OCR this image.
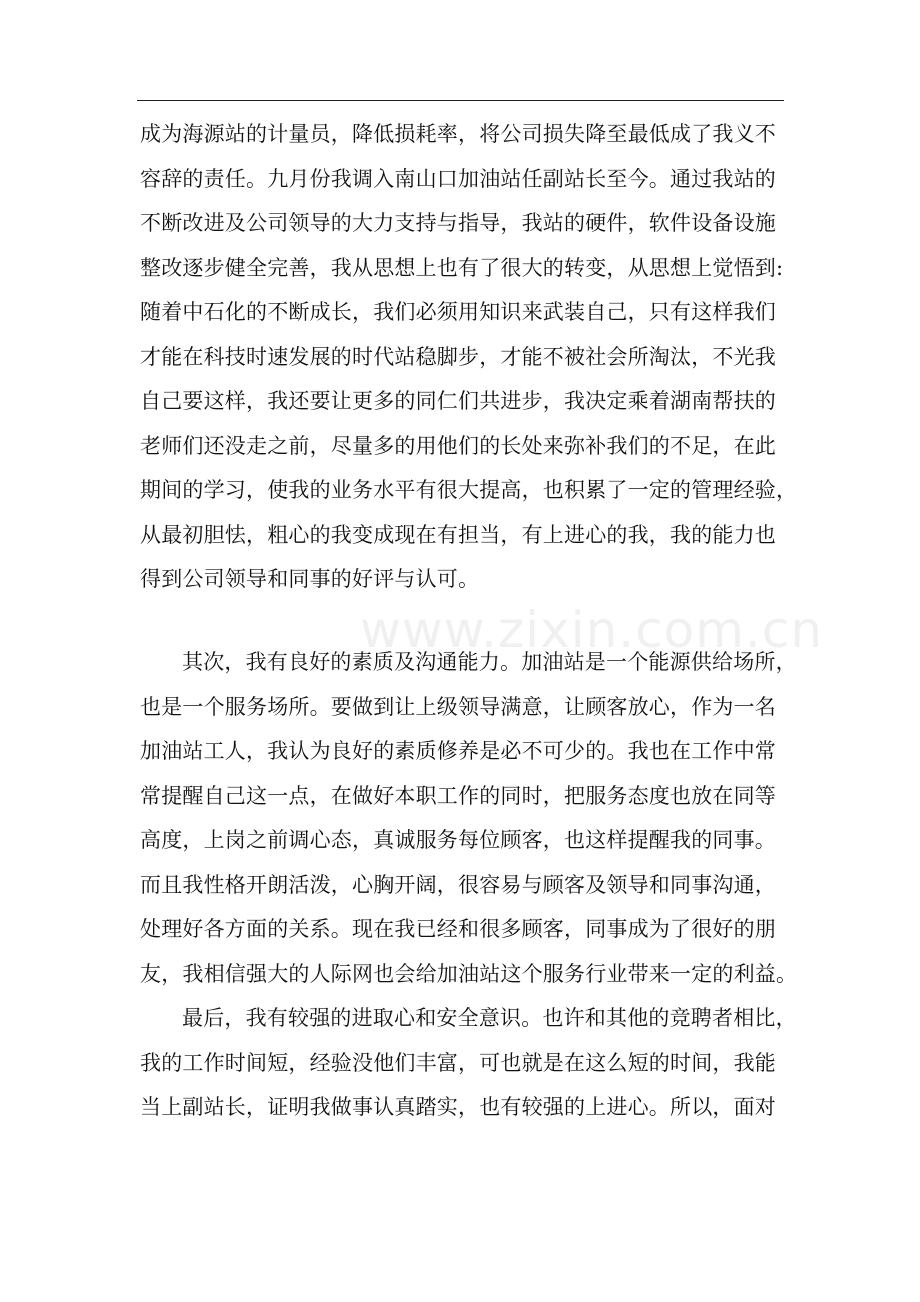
www.zixin.com.cn
成为海源站的计量员，降低损耗率，将公司损失降至最低成了我义不
容辞的责任。九月份我调入南山口加油站任副站长至今。通过我站的
不断改进及公司领导的大力支持与指导，我站的硬件，软件设备设施
整改逐步健全完善，我从思想上也有了很大的转变，从思想上觉悟到:
随着中石化的不断成长，我们必须用知识来武装自己，只有这样我们
才能在科技时速发展的时代站稳脚步，才能不被社会所淘汰，不光我
自己要这样，我还要让更多的同仁们共进步，我决定乘着湖南帮扶的
老师们还没走之前，尽量多的用他们的长处来弥补我们的不足，在此
期间的学习，使我的业务水平有很大提高，也积累了一定的管理经验，
从最初胆怯，粗心的我变成现在有担当，有上进心的我，我的能力也
得到公司领导和同事的好评与认可。
其次，我有良好的素质及沟通能力。加油站是一个能源供给场所，
也是一个服务场所。要做到让上级领导满意，让顾客放心，作为一名
加油站工人，我认为良好的素质修养是必不可少的。我也在工作中常
常提醒自己这一点，在做好本职工作的同时，把服务态度也放在同等
高度，上岗之前调心态，真诚服务每位顾客，也这样提醒我的同事。
而且我性格开朗活泼，心胸开阔，很容易与顾客及领导和同事沟通，
处理好各方面的关系。现在我已经和很多顾客，同事成为了很好的朋
友，我相信强大的人际网也会给加油站这个服务行业带来一定的利益。
最后，我有较强的进取心和安全意识。也许和其他的竞聘者相比，
我的工作时间短，经验没他们丰富，可也就是在这么短的时间，我能
当上副站长，证明我做事认真踏实，也有较强的上进心。所以，面对
